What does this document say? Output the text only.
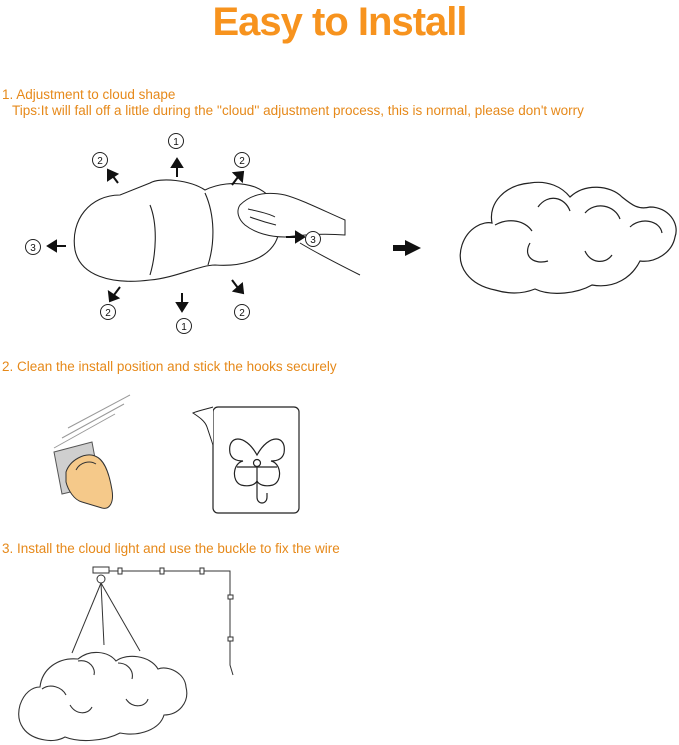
Easy to Install
1. Adjustment to cloud shape
Tips:It will fall off a little during the ''cloud'' adjustment process, this is normal, please don't worry
1
1
2	2
2	2
3
3
2. Clean the install position and stick the hooks securely
3. Install the cloud light and use the buckle to fix the wire
